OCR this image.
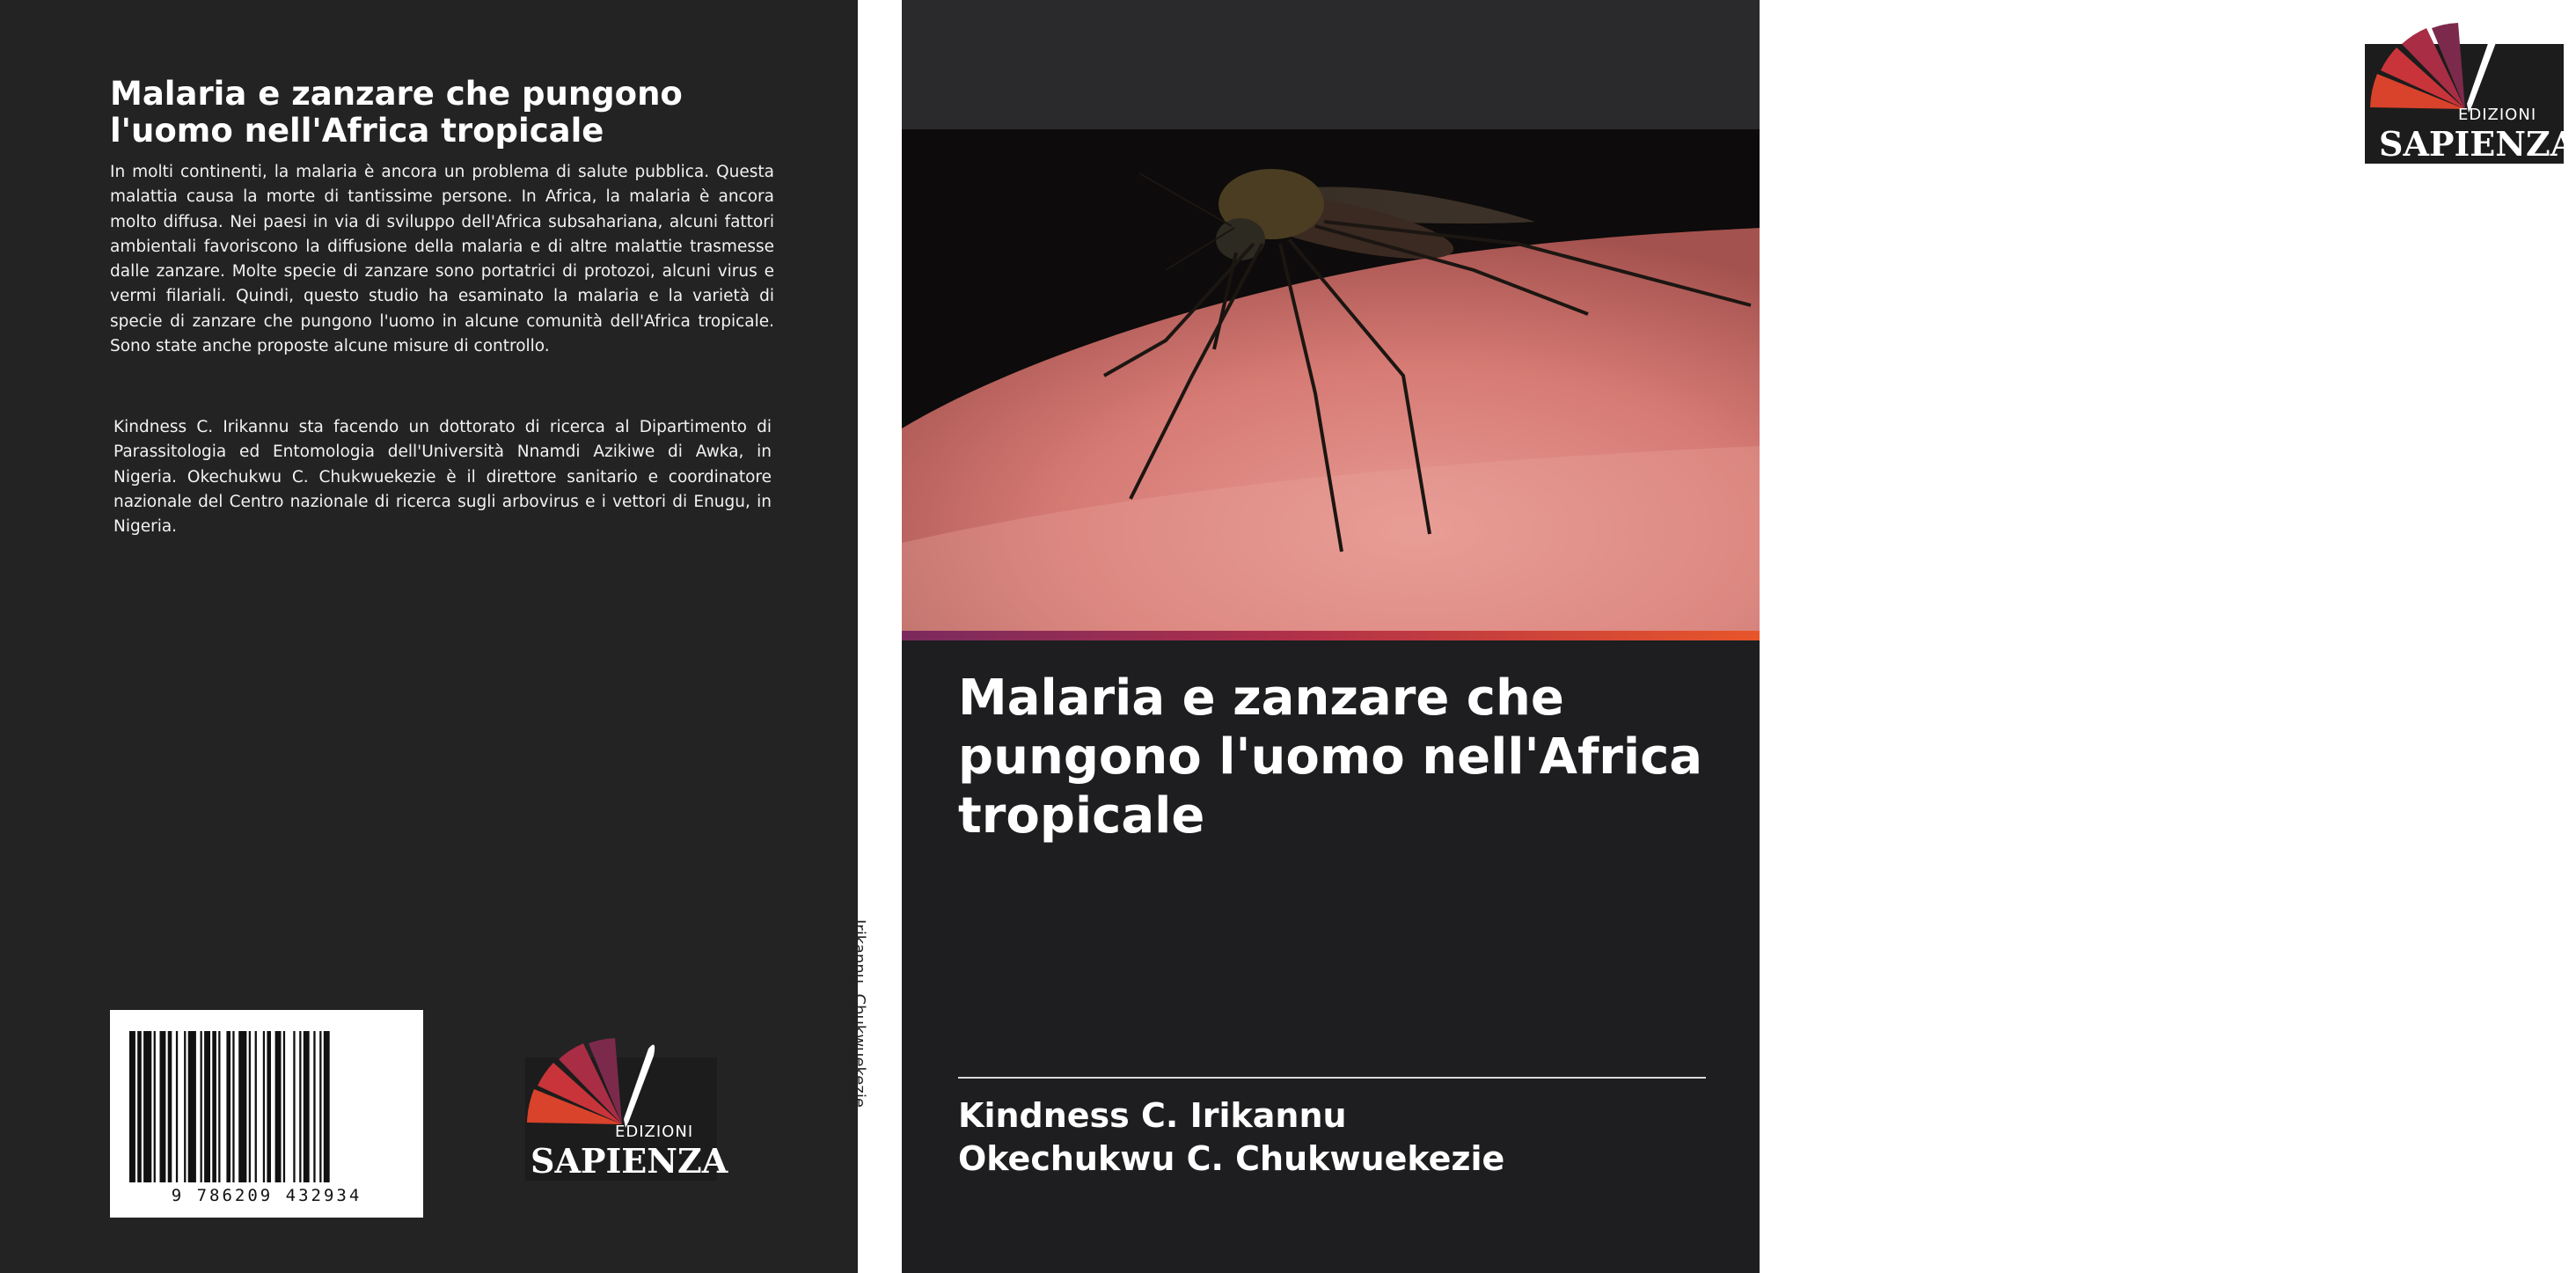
Malaria e zanzare che pungono l'uomo nell'Africa tropicale

In molti continenti, la malaria è ancora un problema di salute pubblica. Questa malattia causa la morte di tantissime persone. In Africa, la malaria è ancora molto diffusa. Nei paesi in via di sviluppo dell'Africa subsahariana, alcuni fattori ambientali favoriscono la diffusione della malaria e di altre malattie trasmesse dalle zanzare. Molte specie di zanzare sono portatrici di protozoi, alcuni virus e vermi filariali. Quindi, questo studio ha esaminato la malaria e la varietà di specie di zanzare che pungono l'uomo in alcune comunità dell'Africa tropicale. Sono state anche proposte alcune misure di controllo.

Kindness C. Irikannu sta facendo un dottorato di ricerca al Dipartimento di Parassitologia ed Entomologia dell'Università Nnamdi Azikiwe di Awka, in Nigeria. Okechukwu C. Chukwuekezie è il direttore sanitario e coordinatore nazionale del Centro nazionale di ricerca sugli arbovirus e i vettori di Enugu, in Nigeria.

9 786209 432934
EDIZIONI
SAPIENZA
Irikannu, Chukwuekezie
EDIZIONI
SAPIENZA
Malaria e zanzare che pungono l'uomo nell'Africa tropicale
Kindness C. Irikannu
Okechukwu C. Chukwuekezie
